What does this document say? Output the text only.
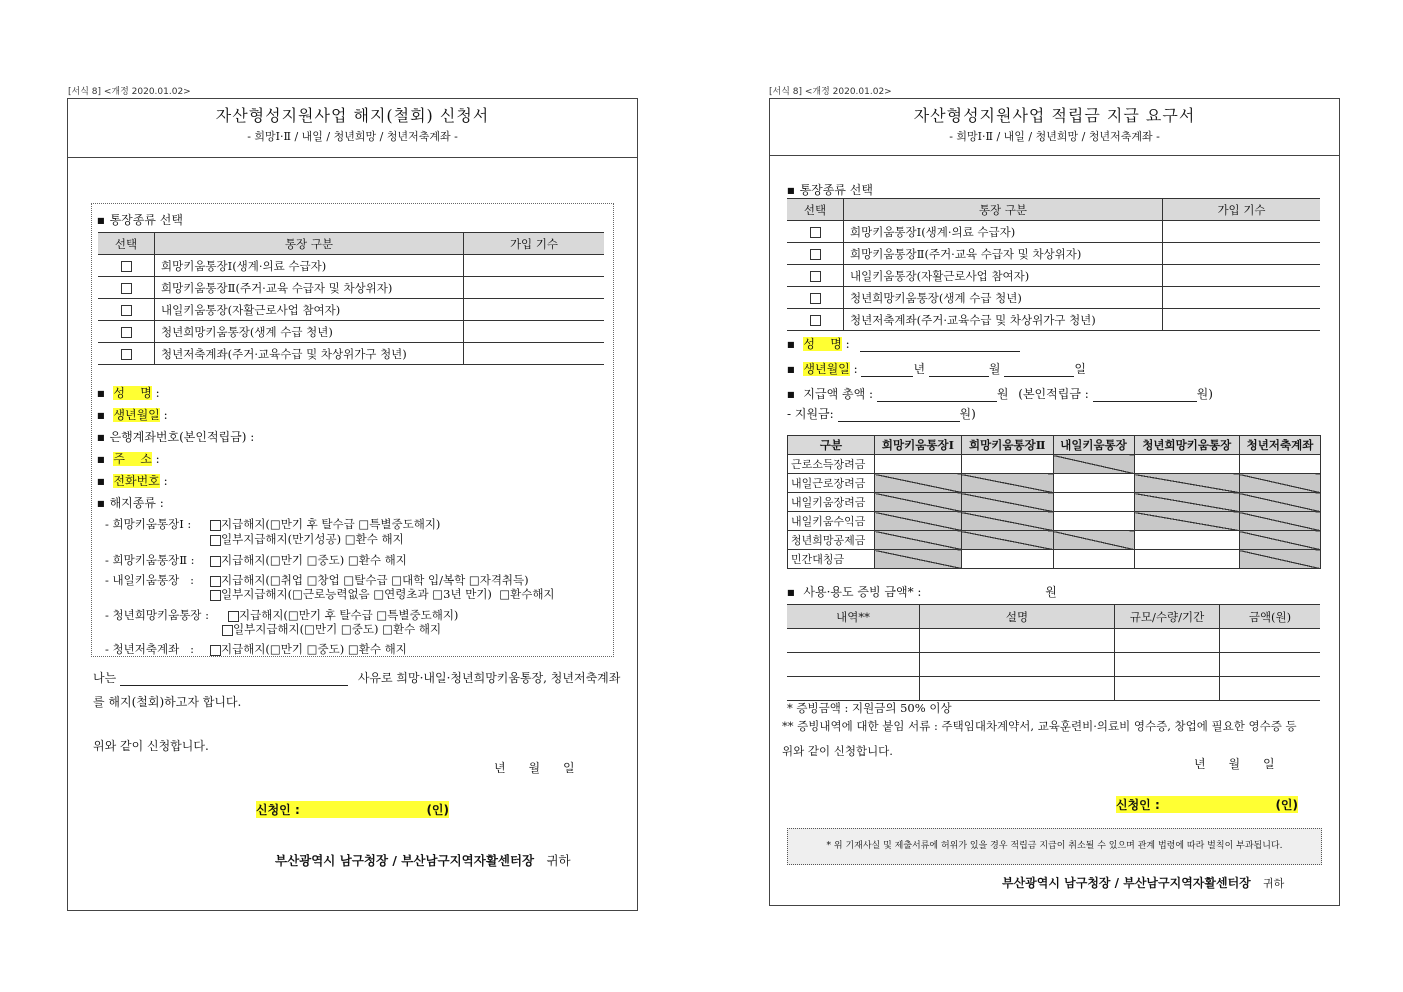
[서식 8] <개정 2020.01.02>
자산형성지원사업 해지(철회) 신청서
- 희망Ⅰ·Ⅱ / 내일 / 청년희망 / 청년저축계좌 -
■ 통장종류 선택
선택	통장 구분	가입 기수
	희망키움통장Ⅰ(생계·의료 수급자)	
	희망키움통장Ⅱ(주거·교육 수급자 및 차상위자)	
	내일키움통장(자활근로사업 참여자)	
	청년희망키움통장(생계 수급 청년)	
	청년저축계좌(주거·교육수급 및 차상위가구 청년)	
■ 성    명 :
■ 생년월일 :
■ 은행계좌번호(본인적립금) :
■ 주    소 :
■ 전화번호 :
■ 해지종류 :
- 희망키움통장Ⅰ :	지급해지(□만기 후 탈수급 □특별중도해지)
일부지급해지(만기성공) □환수 해지
- 희망키움통장Ⅱ :	지급해지(□만기 □중도) □환수 해지
- 내일키움통장   :	지급해지(□취업 □창업 □탈수급 □대학 입/복학 □자격취득)
일부지급해지(□근로능력없음 □연령초과 □3년 만기)  □환수해지
- 청년희망키움통장 :	지급해지(□만기 후 탈수급 □특별중도해지)
일부지급해지(□만기 □중도) □환수 해지
- 청년저축계좌   :	지급해지(□만기 □중도) □환수 해지
나는	사유로 희망·내일·청년희망키움통장, 청년저축계좌
를 해지(철회)하고자 합니다.
위와 같이 신청합니다.
년      월      일
신청인 :	(인)
부산광역시 남구청장 / 부산남구지역자활센터장 귀하
[서식 8] <개정 2020.01.02>
자산형성지원사업 적립금 지급 요구서
- 희망Ⅰ·Ⅱ / 내일 / 청년희망 / 청년저축계좌 -
■ 통장종류 선택
선택	통장 구분	가입 기수
	희망키움통장Ⅰ(생계·의료 수급자)	
	희망키움통장Ⅱ(주거·교육 수급자 및 차상위자)	
	내일키움통장(자활근로사업 참여자)	
	청년희망키움통장(생계 수급 청년)	
	청년저축계좌(주거·교육수급 및 차상위가구 청년)	
■ 성    명 :
■ 생년월일 :	년	월	일
■ 지급액 총액 :	원 (본인적립금 :	원)
- 지원금:	원)
구분	희망키움통장Ⅰ	희망키움통장Ⅱ	내일키움통장	청년희망키움통장	청년저축계좌
근로소득장려금					
내일근로장려금					
내일키움장려금					
내일키움수익금					
청년희망공제금					
민간대칭금					
■ 사용·용도 증빙 금액* :	원
내역**	설명	규모/수량/기간	금액(원)

* 증빙금액 : 지원금의 50% 이상
** 증빙내역에 대한 붙임 서류 : 주택임대차계약서, 교육훈련비·의료비 영수증, 창업에 필요한 영수증 등
위와 같이 신청합니다.
년      월      일
신청인 :	(인)
* 위 기재사실 및 제출서류에 허위가 있을 경우 적립금 지급이 취소될 수 있으며 관계 법령에 따라 벌칙이 부과됩니다.
부산광역시 남구청장 / 부산남구지역자활센터장 귀하
